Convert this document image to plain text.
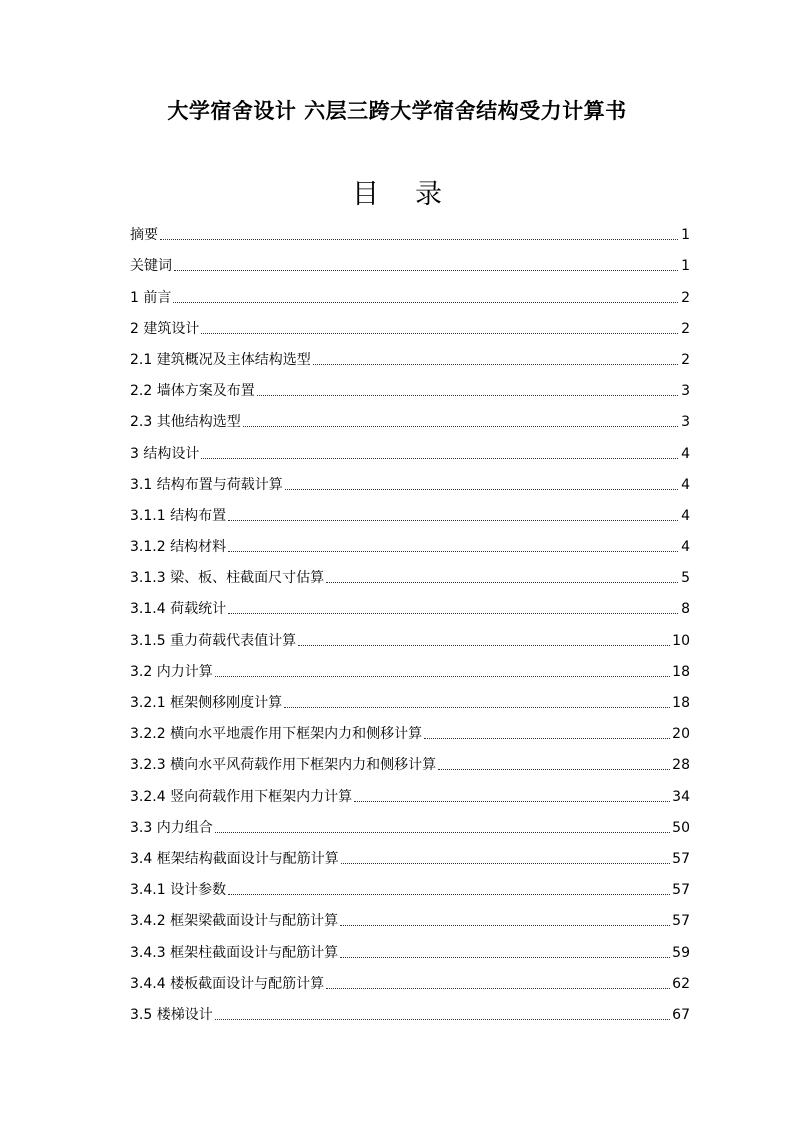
大学宿舍设计 六层三跨大学宿舍结构受力计算书
目 录
摘要	1
关键词	1
1 前言	2
2 建筑设计	2
2.1 建筑概况及主体结构选型	2
2.2 墙体方案及布置	3
2.3 其他结构选型	3
3 结构设计	4
3.1 结构布置与荷载计算	4
3.1.1 结构布置	4
3.1.2 结构材料	4
3.1.3 梁、板、柱截面尺寸估算	5
3.1.4 荷载统计	8
3.1.5 重力荷载代表值计算	10
3.2 内力计算	18
3.2.1 框架侧移刚度计算	18
3.2.2 横向水平地震作用下框架内力和侧移计算	20
3.2.3 横向水平风荷载作用下框架内力和侧移计算	28
3.2.4 竖向荷载作用下框架内力计算	34
3.3 内力组合	50
3.4 框架结构截面设计与配筋计算	57
3.4.1 设计参数	57
3.4.2 框架梁截面设计与配筋计算	57
3.4.3 框架柱截面设计与配筋计算	59
3.4.4 楼板截面设计与配筋计算	62
3.5 楼梯设计	67
